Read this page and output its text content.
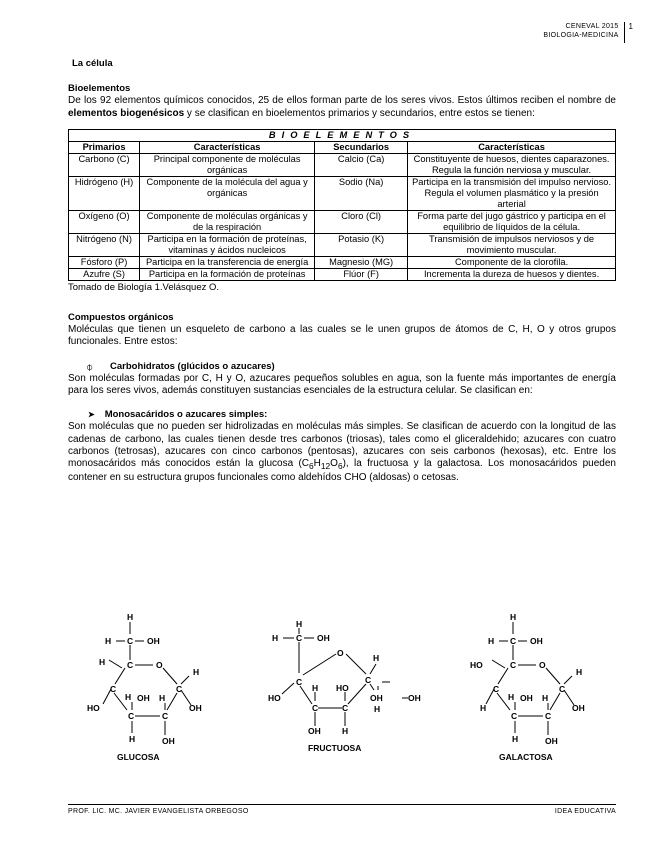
CENEVAL 2015
BIOLOGIA-MEDICINA
1
La célula
Bioelementos

De los 92 elementos químicos conocidos, 25 de ellos forman parte de los seres vivos. Estos últimos reciben el nombre de elementos biogenésicos y se clasifican en bioelementos primarios y secundarios, entre estos se tienen:

BIOELEMENTOS			
Primarios	Características	Secundarios	Características
Carbono (C)	Principal componente de moléculas orgánicas	Calcio (Ca)	Constituyente de huesos, dientes caparazones. Regula la función nerviosa y muscular.
Hidrógeno (H)	Componente de la molécula del agua y orgánicas	Sodio (Na)	Participa en la transmisión del impulso nervioso. Regula el volumen plasmático y la presión arterial
Oxígeno (O)	Componente de moléculas orgánicas y de la respiración	Cloro (Cl)	Forma parte del jugo gástrico y participa en el equilibrio de líquidos de la célula.
Nitrógeno (N)	Participa en la formación de proteínas, vitaminas y ácidos nucleicos	Potasio (K)	Transmisión de impulsos nerviosos y de movimiento muscular.
Fósforo (P)	Participa en la transferencia de energía	Magnesio (MG)	Componente de la clorofila.
Azufre (S)	Participa en la formación de proteínas	Flúor (F)	Incrementa la dureza de huesos y dientes.
Tomado de Biología 1.Velásquez O.
Compuestos orgánicos

Moléculas que tienen un esqueleto de carbono a las cuales se le unen grupos de átomos de C, H, O y otros grupos funcionales. Entre estos:

⌽	Carbohidratos (glúcidos o azucares)

Son moléculas formadas por C, H y O, azucares pequeños solubles en agua, son la fuente más importantes de energía para los seres vivos, además constituyen sustancias esenciales de la estructura celular. Se clasifican en:

➤ Monosacáridos o azucares simples:

Son moléculas que no pueden ser hidrolizadas en moléculas más simples. Se clasifican de acuerdo con la longitud de las cadenas de carbono, las cuales tienen desde tres carbonos (triosas), tales como el gliceraldehido; azucares con cuatro carbonos (tetrosas), azucares con cinco carbonos (pentosas), azucares con seis carbonos (hexosas), etc. Entre los monosacáridos más conocidos están la glucosa $(C_6H_{12}O_6)$, la fructuosa y la galactosa. Los monosacáridos pueden contener en su estructura grupos funcionales como aldehídos CHO (aldosas) o cetosas.

H
H C OH
H	C	O
H
C	C
H OH H
HO	OH
C	C
H	OH
GLUCOSA
H
H C OH
O	H
C	C
H HO
HO	OH	OH
C	C	H
OH	H
FRUCTUOSA
H
H C OH
HO	C	O
H
C	C
H OH H
H	OH
C	C
H	OH
GALACTOSA
PROF. LIC. MC. JAVIER EVANGELISTA ORBEGOSO	IDEA EDUCATIVA
